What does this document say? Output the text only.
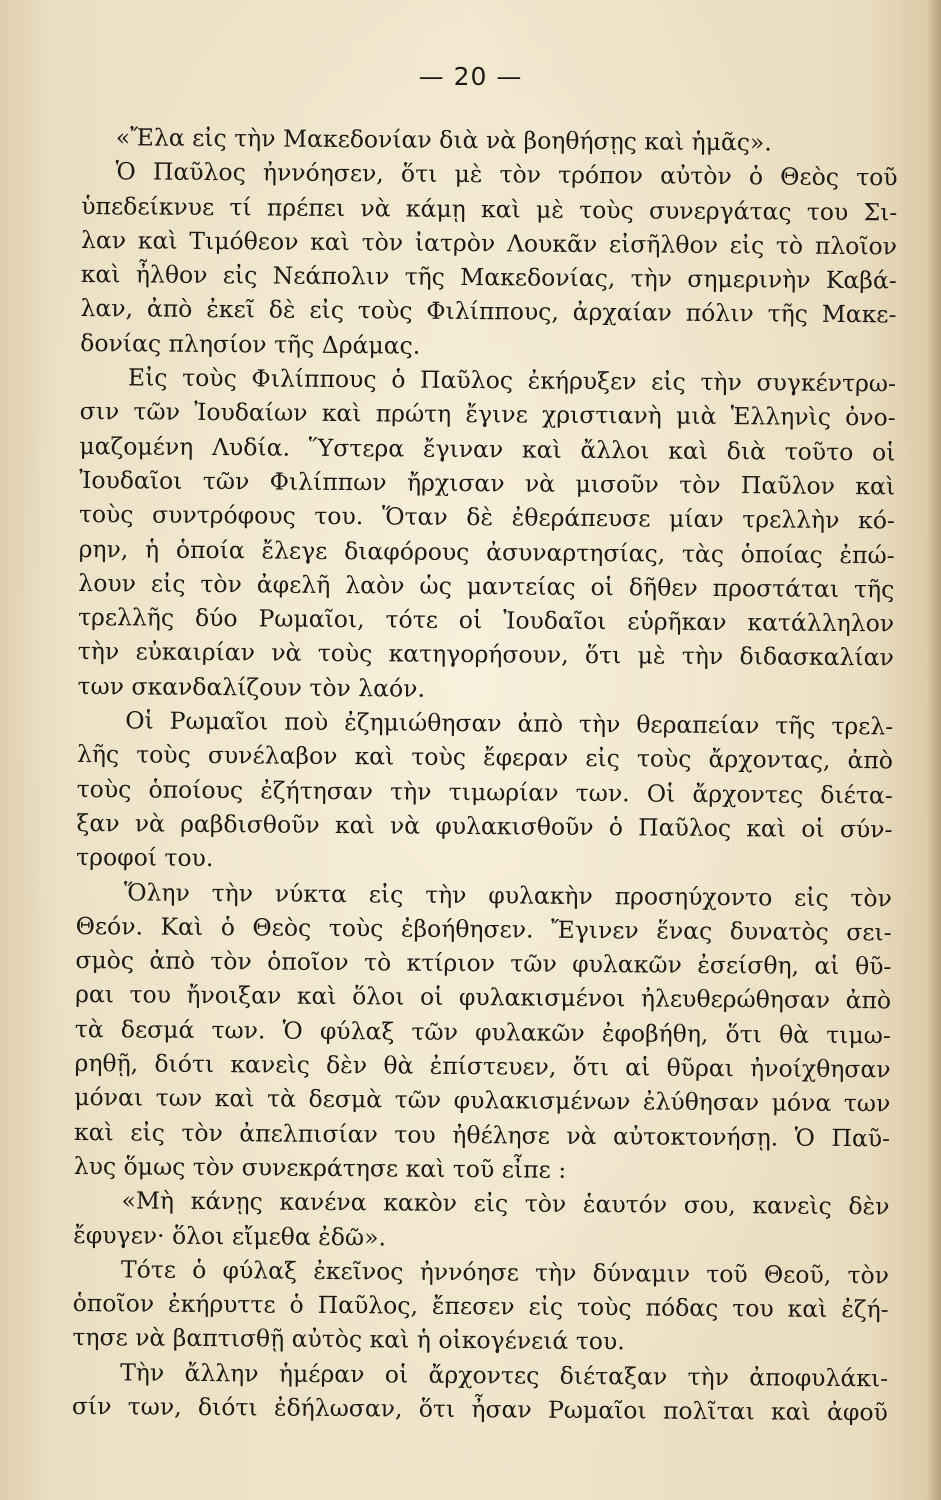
— 20 —
«Ἔλα εἰς τὴν Μακεδονίαν διὰ νὰ βοηθήσῃς καὶ ἡμᾶς».
Ὁ Παῦλος ἠννόησεν, ὅτι μὲ τὸν τρόπον αὐτὸν ὁ Θεὸς τοῦ
ὑπεδείκνυε τί πρέπει νὰ κάμῃ καὶ μὲ τοὺς συνεργάτας του Σι-
λαν καὶ Τιμόθεον καὶ τὸν ἰατρὸν Λουκᾶν εἰσῆλθον εἰς τὸ πλοῖον
καὶ ἦλθον εἰς Νεάπολιν τῆς Μακεδονίας, τὴν σημερινὴν Καβά-
λαν, ἀπὸ ἐκεῖ δὲ εἰς τοὺς Φιλίππους, ἀρχαίαν πόλιν τῆς Μακε-
δονίας πλησίον τῆς Δράμας.
Εἰς τοὺς Φιλίππους ὁ Παῦλος ἐκήρυξεν εἰς τὴν συγκέντρω-
σιν τῶν Ἰουδαίων καὶ πρώτη ἔγινε χριστιανὴ μιὰ Ἑλληνὶς ὀνο-
μαζομένη Λυδία. Ὕστερα ἔγιναν καὶ ἄλλοι καὶ διὰ τοῦτο οἱ
Ἰουδαῖοι τῶν Φιλίππων ἤρχισαν νὰ μισοῦν τὸν Παῦλον καὶ
τοὺς συντρόφους του. Ὅταν δὲ ἐθεράπευσε μίαν τρελλὴν κό-
ρην, ἡ ὁποία ἔλεγε διαφόρους ἀσυναρτησίας, τὰς ὁποίας ἐπώ-
λουν εἰς τὸν ἀφελῆ λαὸν ὡς μαντείας οἱ δῆθεν προστάται τῆς
τρελλῆς δύο Ρωμαῖοι, τότε οἱ Ἰουδαῖοι εὑρῆκαν κατάλληλον
τὴν εὐκαιρίαν νὰ τοὺς κατηγορήσουν, ὅτι μὲ τὴν διδασκαλίαν
των σκανδαλίζουν τὸν λαόν.
Οἱ Ρωμαῖοι ποὺ ἐζημιώθησαν ἀπὸ τὴν θεραπείαν τῆς τρελ-
λῆς τοὺς συνέλαβον καὶ τοὺς ἔφεραν εἰς τοὺς ἄρχοντας, ἀπὸ
τοὺς ὁποίους ἐζήτησαν τὴν τιμωρίαν των. Οἱ ἄρχοντες διέτα-
ξαν νὰ ραβδισθοῦν καὶ νὰ φυλακισθοῦν ὁ Παῦλος καὶ οἱ σύν-
τροφοί του.
Ὅλην τὴν νύκτα εἰς τὴν φυλακὴν προσηύχοντο εἰς τὸν
Θεόν. Καὶ ὁ Θεὸς τοὺς ἐβοήθησεν. Ἔγινεν ἕνας δυνατὸς σει-
σμὸς ἀπὸ τὸν ὁποῖον τὸ κτίριον τῶν φυλακῶν ἐσείσθη, αἱ θῦ-
ραι του ἤνοιξαν καὶ ὅλοι οἱ φυλακισμένοι ἠλευθερώθησαν ἀπὸ
τὰ δεσμά των. Ὁ φύλαξ τῶν φυλακῶν ἐφοβήθη, ὅτι θὰ τιμω-
ρηθῇ, διότι κανεὶς δὲν θὰ ἐπίστευεν, ὅτι αἱ θῦραι ἠνοίχθησαν
μόναι των καὶ τὰ δεσμὰ τῶν φυλακισμένων ἐλύθησαν μόνα των
καὶ εἰς τὸν ἀπελπισίαν του ἠθέλησε νὰ αὐτοκτονήσῃ. Ὁ Παῦ-
λυς ὅμως τὸν συνεκράτησε καὶ τοῦ εἶπε :
«Μὴ κάνῃς κανένα κακὸν εἰς τὸν ἑαυτόν σου, κανεὶς δὲν
ἔφυγεν· ὅλοι εἴμεθα ἐδῶ».
Τότε ὁ φύλαξ ἐκεῖνος ἠννόησε τὴν δύναμιν τοῦ Θεοῦ, τὸν
ὁποῖον ἐκήρυττε ὁ Παῦλος, ἔπεσεν εἰς τοὺς πόδας του καὶ ἐζή-
τησε νὰ βαπτισθῇ αὐτὸς καὶ ἡ οἰκογένειά του.
Τὴν ἄλλην ἡμέραν οἱ ἄρχοντες διέταξαν τὴν ἀποφυλάκι-
σίν των, διότι ἐδήλωσαν, ὅτι ἦσαν Ρωμαῖοι πολῖται καὶ ἀφοῦ
